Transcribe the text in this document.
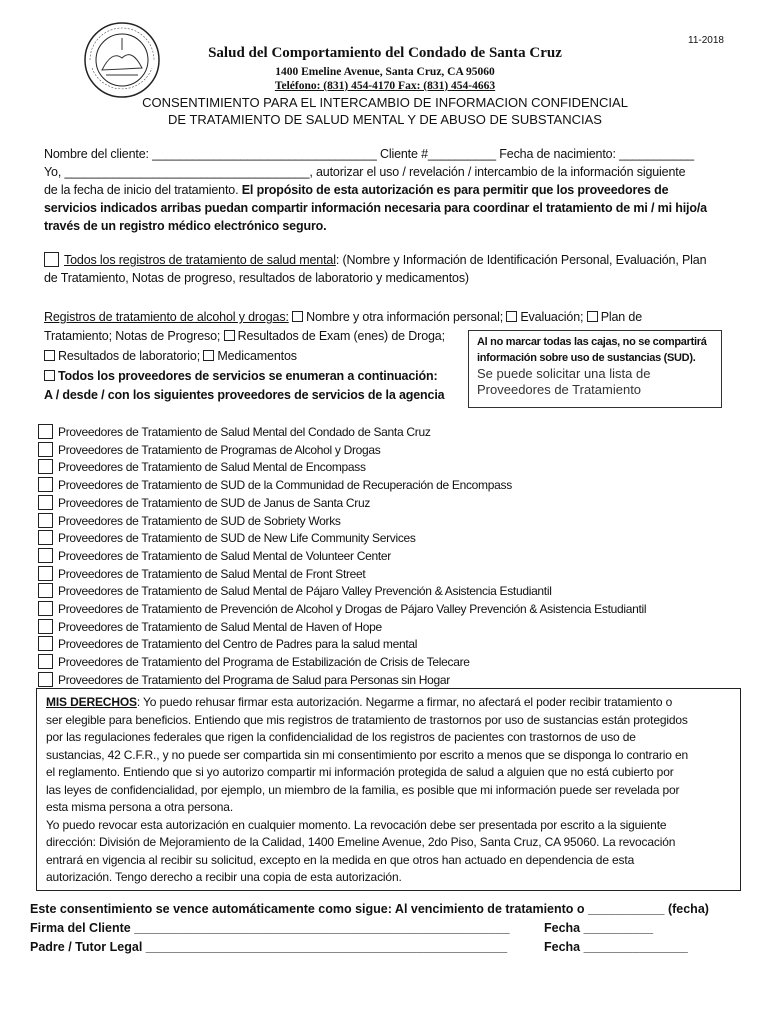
11-2018
Salud del Comportamiento del Condado de Santa Cruz
1400 Emeline Avenue, Santa Cruz, CA 95060
Teléfono: (831) 454-4170 Fax: (831) 454-4663
CONSENTIMIENTO PARA EL INTERCAMBIO DE INFORMACION CONFIDENCIAL
DE TRATAMIENTO DE SALUD MENTAL Y DE ABUSO DE SUBSTANCIAS
Nombre del cliente: _________________________________ Cliente #__________ Fecha de nacimiento: ___________
Yo, ____________________________________, autorizar el uso / revelación / intercambio de la información siguiente
de la fecha de inicio del tratamiento. El propósito de esta autorización es para permitir que los proveedores de
servicios indicados arribas puedan compartir información necesaria para coordinar el tratamiento de mi / mi hijo/a
través de un registro médico electrónico seguro.
Todos los registros de tratamiento de salud mental: (Nombre y Información de Identificación Personal, Evaluación, Plan
de Tratamiento, Notas de progreso, resultados de laboratorio y medicamentos)
Registros de tratamiento de alcohol y drogas: Nombre y otra información personal; Evaluación; Plan de
Tratamiento; Notas de Progreso; Resultados de Exam (enes) de Droga;
Resultados de laboratorio; Medicamentos
Todos los proveedores de servicios se enumeran a continuación:
A / desde / con los siguientes proveedores de servicios de la agencia
Al no marcar todas las cajas, no se compartirá
información sobre uso de sustancias (SUD).
Se puede solicitar una lista de
Proveedores de Tratamiento
Proveedores de Tratamiento de Salud Mental del Condado de Santa Cruz
Proveedores de Tratamiento de Programas de Alcohol y Drogas
Proveedores de Tratamiento de Salud Mental de Encompass
Proveedores de Tratamiento de SUD de la Communidad de Recuperación de Encompass
Proveedores de Tratamiento de SUD de Janus de Santa Cruz
Proveedores de Tratamiento de SUD de Sobriety Works
Proveedores de Tratamiento de SUD de New Life Community Services
Proveedores de Tratamiento de Salud Mental de Volunteer Center
Proveedores de Tratamiento de Salud Mental de Front Street
Proveedores de Tratamiento de Salud Mental de Pájaro Valley Prevención & Asistencia Estudiantil
Proveedores de Tratamiento de Prevención de Alcohol y Drogas de Pájaro Valley Prevención & Asistencia Estudiantil
Proveedores de Tratamiento de Salud Mental de Haven of Hope
Proveedores de Tratamiento del Centro de Padres para la salud mental
Proveedores de Tratamiento del Programa de Estabilización de Crisis de Telecare
Proveedores de Tratamiento del Programa de Salud para Personas sin Hogar

MIS DERECHOS: Yo puedo rehusar firmar esta autorización. Negarme a firmar, no afectará el poder recibir tratamiento o
ser elegible para beneficios. Entiendo que mis registros de tratamiento de trastornos por uso de sustancias están protegidos
por las regulaciones federales que rigen la confidencialidad de los registros de pacientes con trastornos de uso de
sustancias, 42 C.F.R., y no puede ser compartida sin mi consentimiento por escrito a menos que se disponga lo contrario en
el reglamento. Entiendo que si yo autorizo compartir mi información protegida de salud a alguien que no está cubierto por
las leyes de confidencialidad, por ejemplo, un miembro de la familia, es posible que mi información puede ser revelada por
esta misma persona a otra persona.

Yo puedo revocar esta autorización en cualquier momento. La revocación debe ser presentada por escrito a la siguiente
dirección: División de Mejoramiento de la Calidad, 1400 Emeline Avenue, 2do Piso, Santa Cruz, CA 95060. La revocación
entrará en vigencia al recibir su solicitud, excepto en la medida en que otros han actuado en dependencia de esta
autorización. Tengo derecho a recibir una copia de esta autorización.

Este consentimiento se vence automáticamente como sigue: Al vencimiento de tratamiento o ___________ (fecha)
Firma del Cliente ______________________________________________________	Fecha __________
Padre / Tutor Legal ____________________________________________________	Fecha _______________
